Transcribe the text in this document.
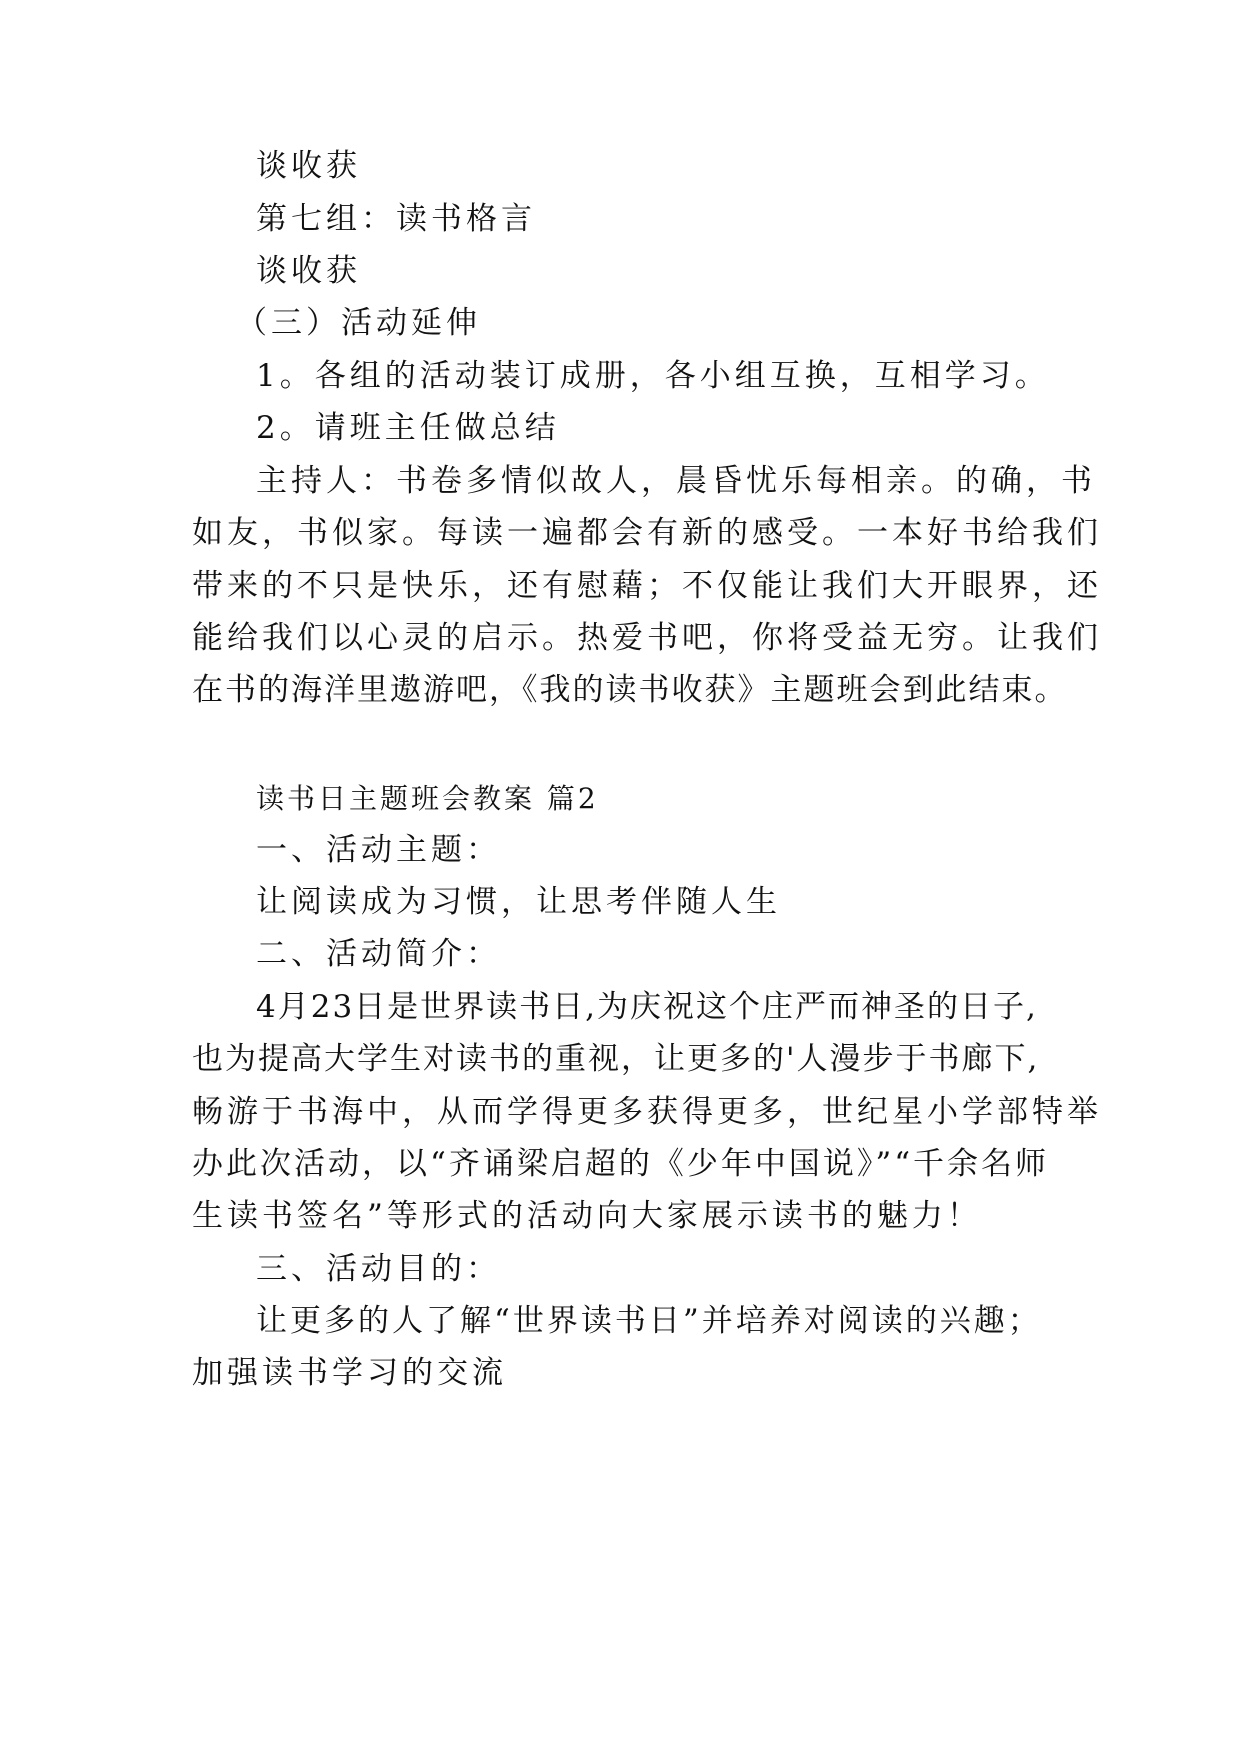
谈收获
第七组：读书格言
谈收获
（三）活动延伸
1。各组的活动装订成册，各小组互换，互相学习。
2。请班主任做总结
主持人：书卷多情似故人，晨昏忧乐每相亲。的确，书
如友，书似家。每读一遍都会有新的感受。一本好书给我们
带来的不只是快乐，还有慰藉；不仅能让我们大开眼界，还
能给我们以心灵的启示。热爱书吧，你将受益无穷。让我们
在书的海洋里遨游吧，《我的读书收获》主题班会到此结束。
读书日主题班会教案 篇2
一、活动主题：
让阅读成为习惯，让思考伴随人生
二、活动简介：
4月23日是世界读书日,为庆祝这个庄严而神圣的日子,
也为提高大学生对读书的重视，让更多的'人漫步于书廊下,
畅游于书海中，从而学得更多获得更多，世纪星小学部特举
办此次活动，以“齐诵梁启超的《少年中国说》”“千余名师
生读书签名”等形式的活动向大家展示读书的魅力！
三、活动目的：
让更多的人了解“世界读书日”并培养对阅读的兴趣；
加强读书学习的交流
